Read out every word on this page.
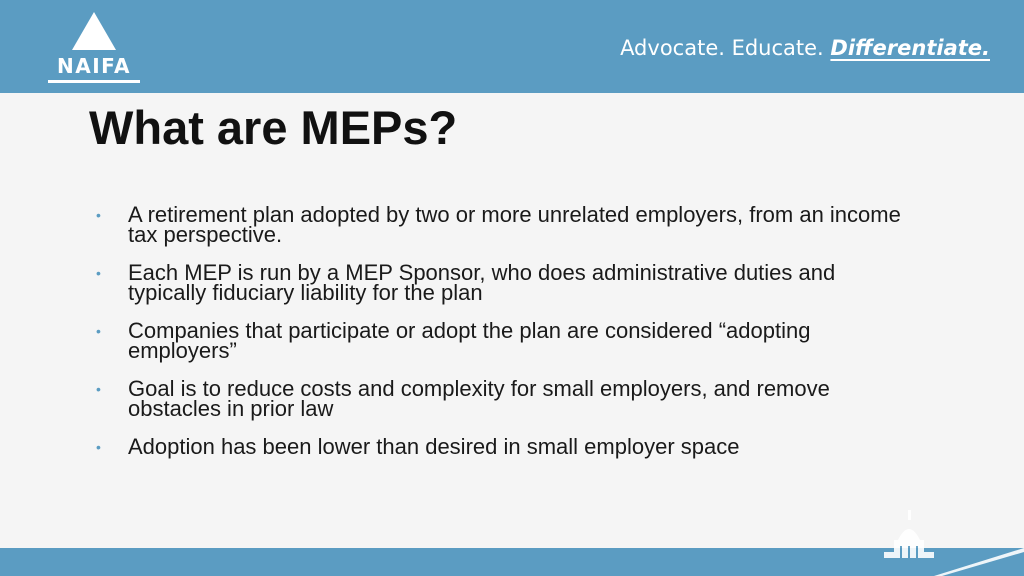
NAIFA
Advocate. Educate. Differentiate.
What are MEPs?
• A retirement plan adopted by two or more unrelated employers, from an income tax perspective.
• Each MEP is run by a MEP Sponsor, who does administrative duties and typically fiduciary liability for the plan
• Companies that participate or adopt the plan are considered “adopting employers”
• Goal is to reduce costs and complexity for small employers, and remove obstacles in prior law
• Adoption has been lower than desired in small employer space
